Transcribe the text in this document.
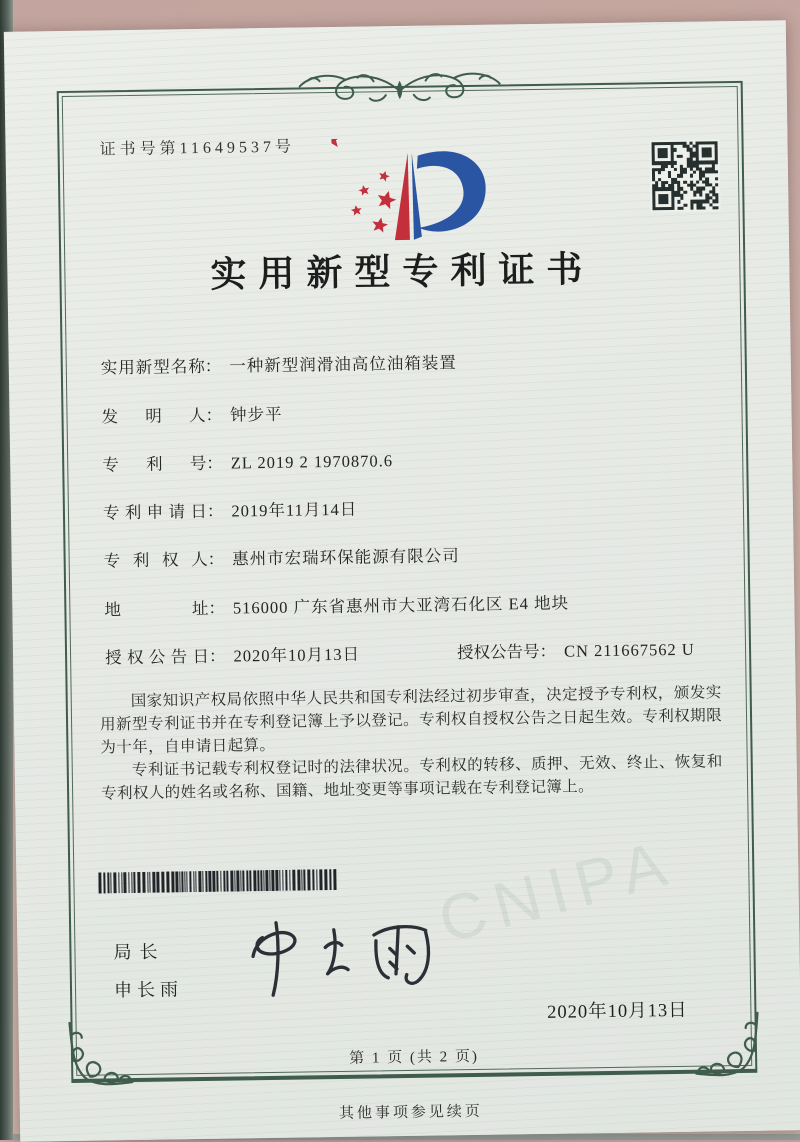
CNIPA
证书号第11649537号
实用新型专利证书
实用新型名称： 一种新型润滑油高位油箱装置
发明人： 钟步平
专利号： ZL 2019 2 1970870.6
专利申请日： 2019年11月14日
专利权人： 惠州市宏瑞环保能源有限公司
地址： 516000 广东省惠州市大亚湾石化区 E4 地块
授权公告日： 2020年10月13日	授权公告号： CN 211667562 U

国家知识产权局依照中华人民共和国专利法经过初步审查，决定授予专利权，颁发实用新型专利证书并在专利登记簿上予以登记。专利权自授权公告之日起生效。专利权期限为十年，自申请日起算。

专利证书记载专利权登记时的法律状况。专利权的转移、质押、无效、终止、恢复和专利权人的姓名或名称、国籍、地址变更等事项记载在专利登记簿上。

局长
申长雨
2020年10月13日
第 1 页 (共 2 页)
其他事项参见续页
